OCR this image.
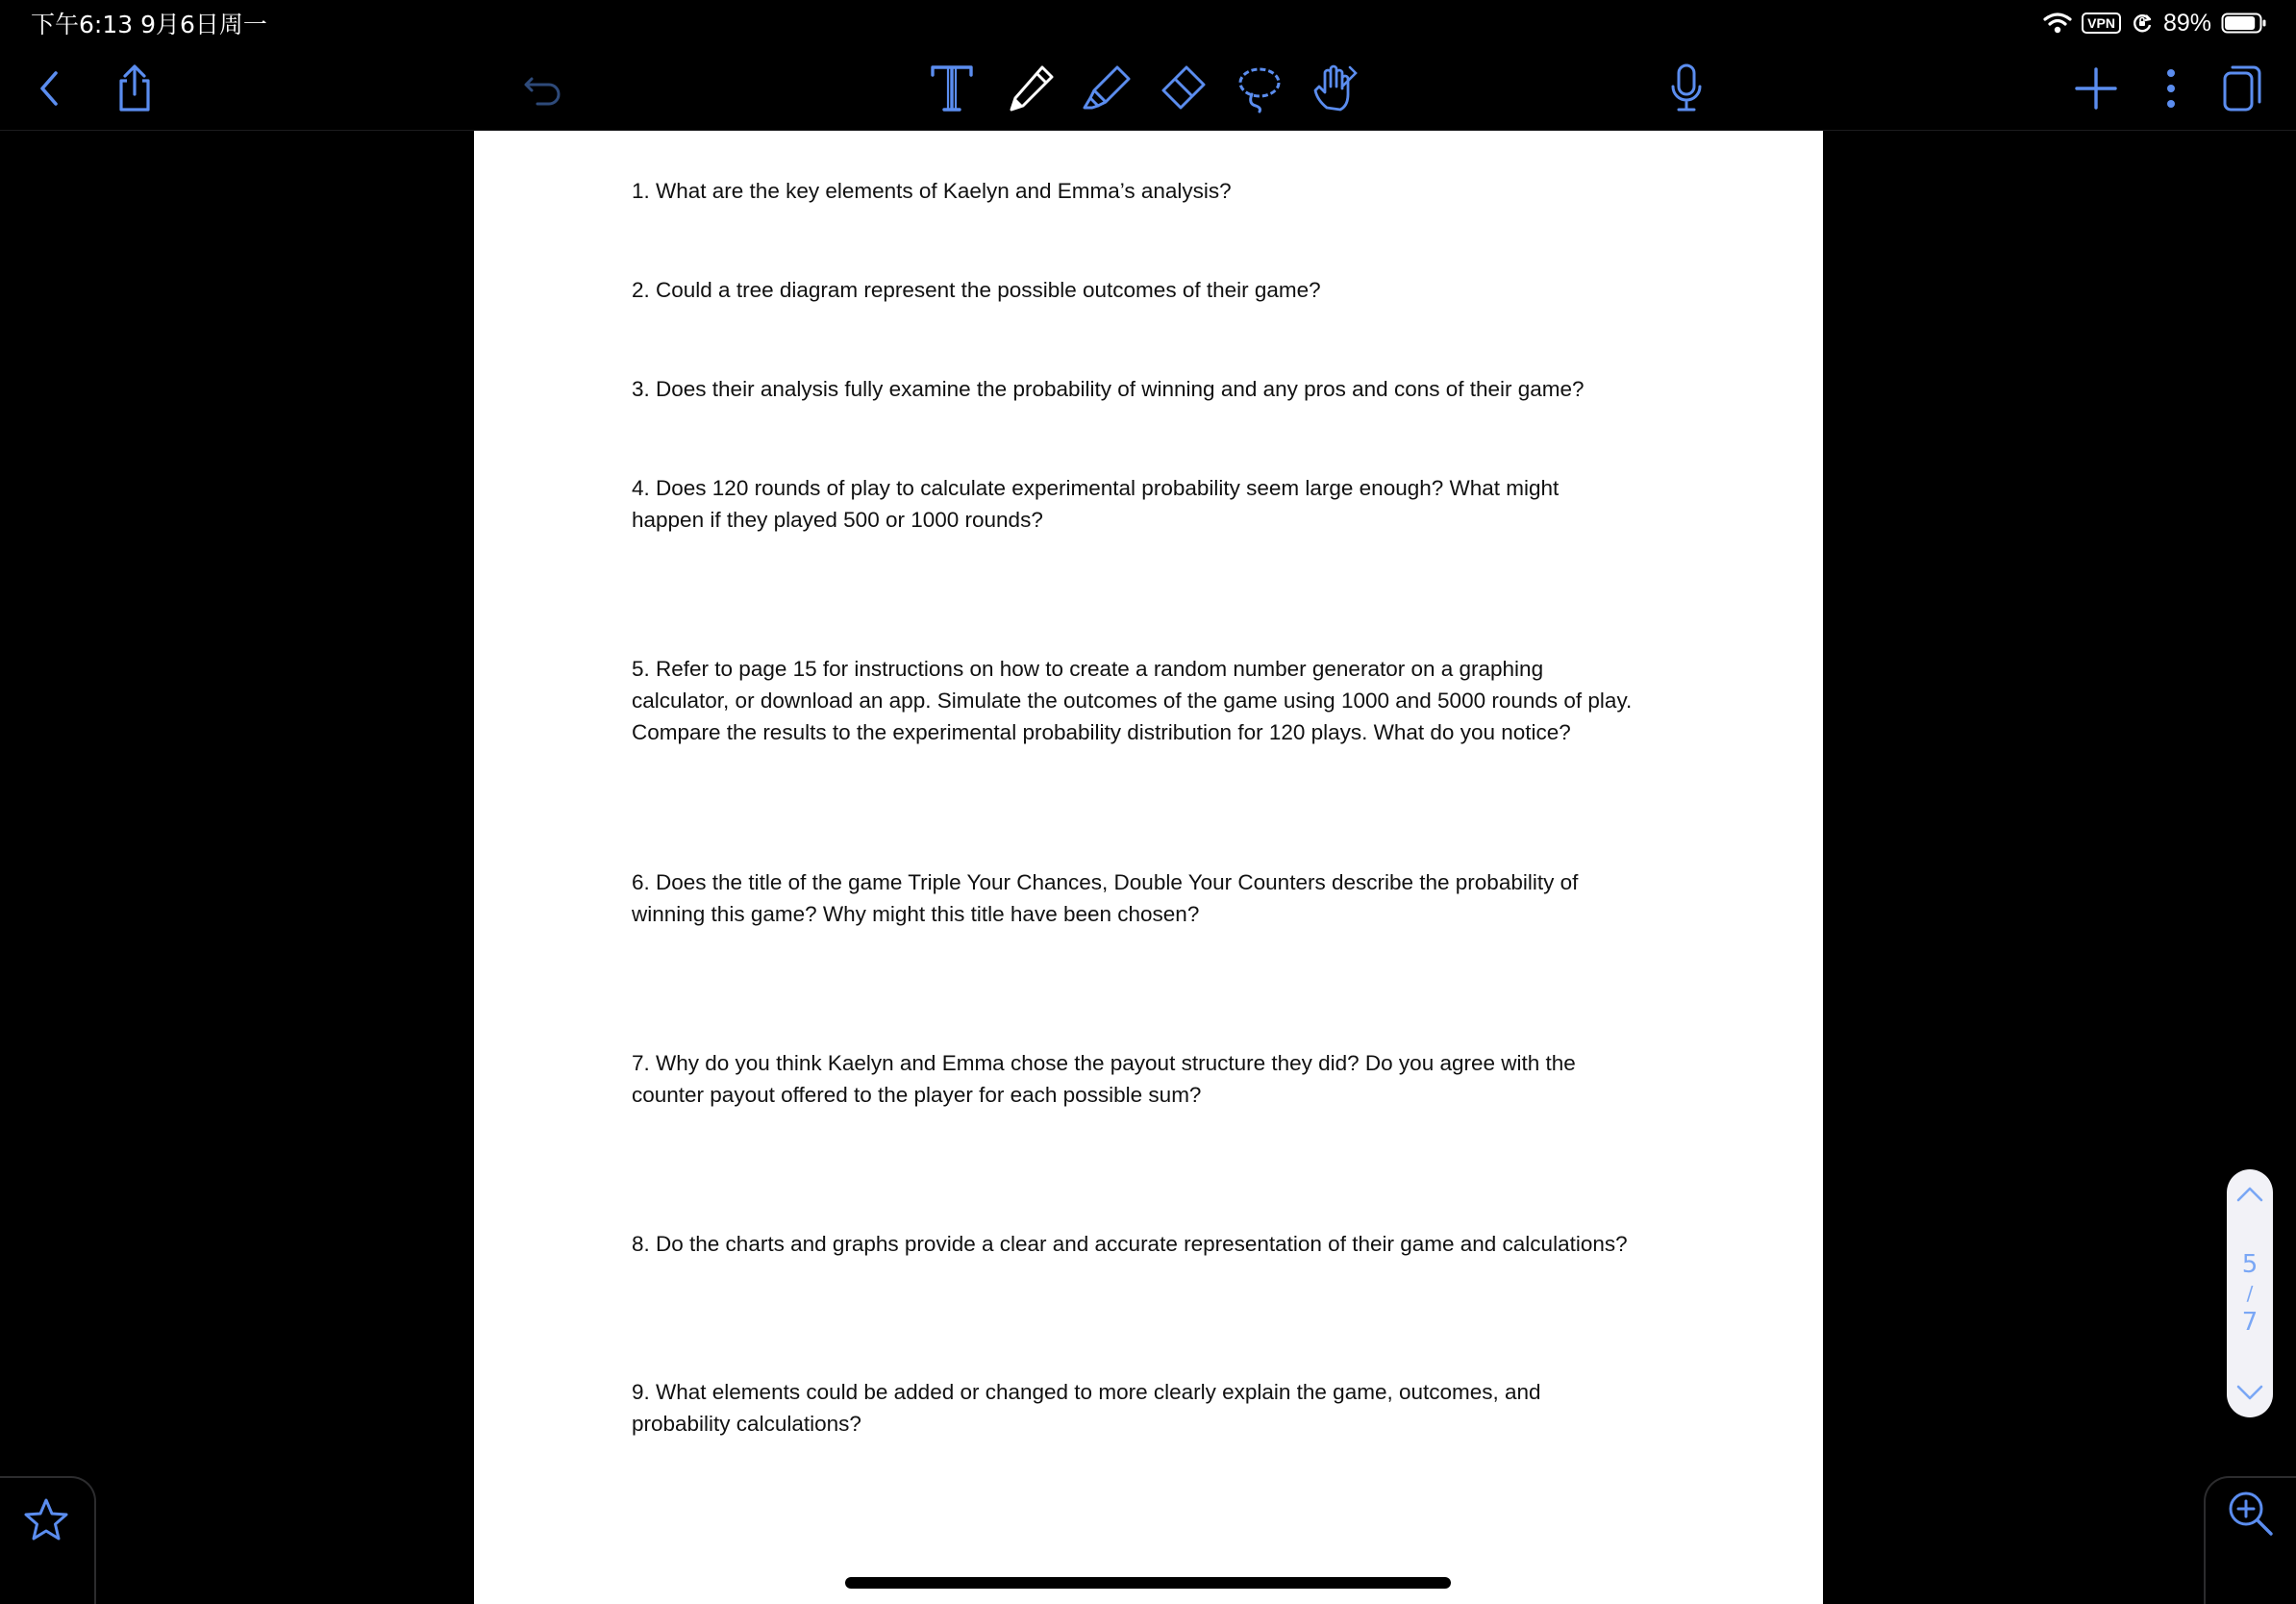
下午6:13 9月6日周一	VPN 89%

1. What are the key elements of Kaelyn and Emma’s analysis?

2. Could a tree diagram represent the possible outcomes of their game?

3. Does their analysis fully examine the probability of winning and any pros and cons of their game?

4. Does 120 rounds of play to calculate experimental probability seem large enough? What might
happen if they played 500 or 1000 rounds?

5. Refer to page 15 for instructions on how to create a random number generator on a graphing
calculator, or download an app. Simulate the outcomes of the game using 1000 and 5000 rounds of play.
Compare the results to the experimental probability distribution for 120 plays. What do you notice?

6. Does the title of the game Triple Your Chances, Double Your Counters describe the probability of
winning this game? Why might this title have been chosen?

7. Why do you think Kaelyn and Emma chose the payout structure they did? Do you agree with the
counter payout offered to the player for each possible sum?

8. Do the charts and graphs provide a clear and accurate representation of their game and calculations?

9. What elements could be added or changed to more clearly explain the game, outcomes, and
probability calculations?

5
/
7
